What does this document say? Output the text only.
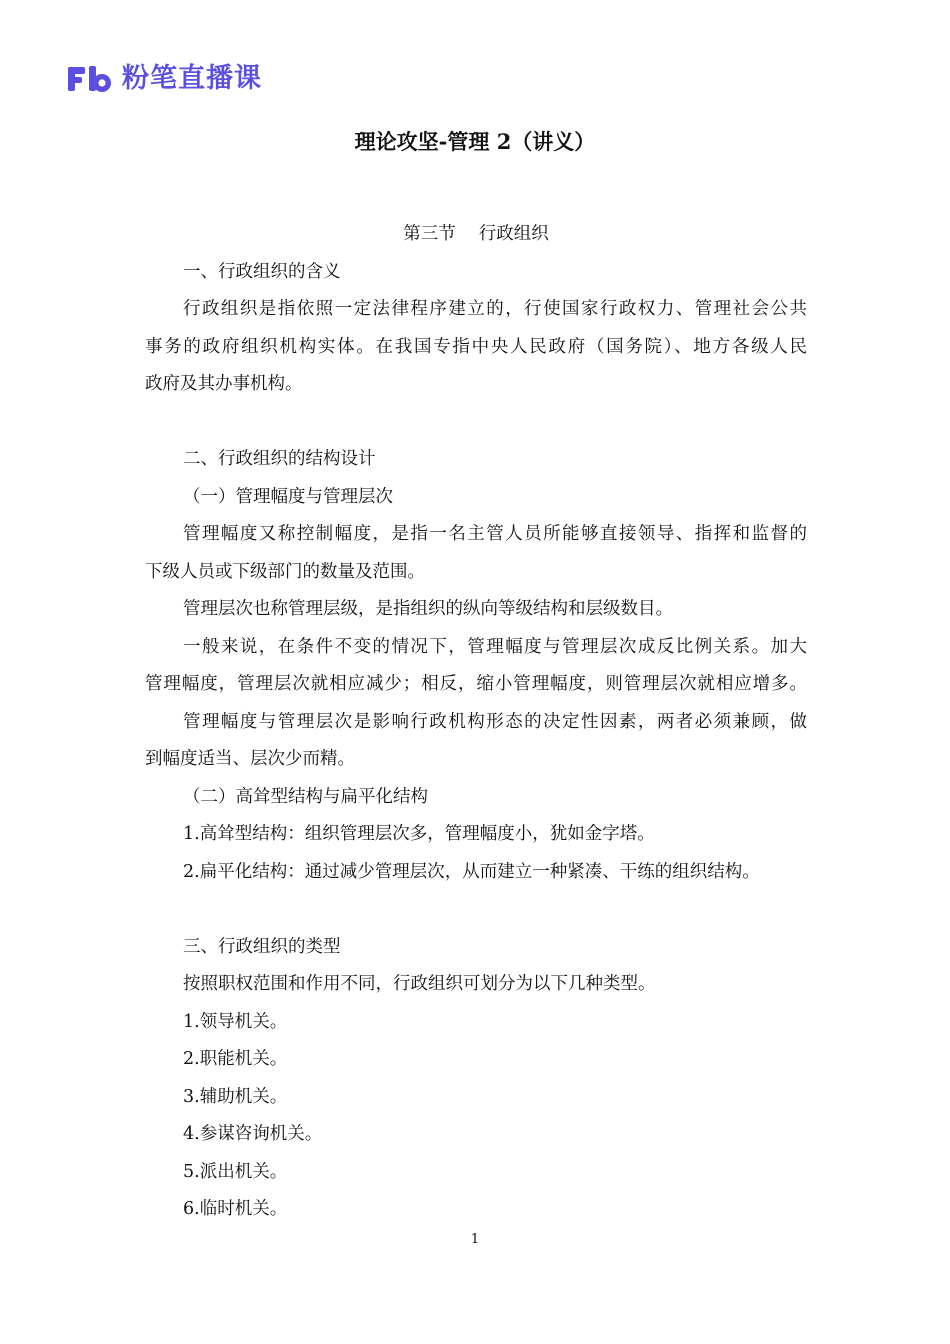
粉笔直播课
理论攻坚-管理 2（讲义）
第三节　 行政组织
一、行政组织的含义
行政组织是指依照一定法律程序建立的，行使国家行政权力、管理社会公共
事务的政府组织机构实体。在我国专指中央人民政府（国务院）、地方各级人民
政府及其办事机构。
二、行政组织的结构设计
（一）管理幅度与管理层次
管理幅度又称控制幅度，是指一名主管人员所能够直接领导、指挥和监督的
下级人员或下级部门的数量及范围。
管理层次也称管理层级，是指组织的纵向等级结构和层级数目。
一般来说，在条件不变的情况下，管理幅度与管理层次成反比例关系。加大
管理幅度，管理层次就相应减少；相反，缩小管理幅度，则管理层次就相应增多。
管理幅度与管理层次是影响行政机构形态的决定性因素，两者必须兼顾，做
到幅度适当、层次少而精。
（二）高耸型结构与扁平化结构
1.高耸型结构：组织管理层次多，管理幅度小，犹如金字塔。
2.扁平化结构：通过减少管理层次，从而建立一种紧凑、干练的组织结构。
三、行政组织的类型
按照职权范围和作用不同，行政组织可划分为以下几种类型。
1.领导机关。
2.职能机关。
3.辅助机关。
4.参谋咨询机关。
5.派出机关。
6.临时机关。
1
